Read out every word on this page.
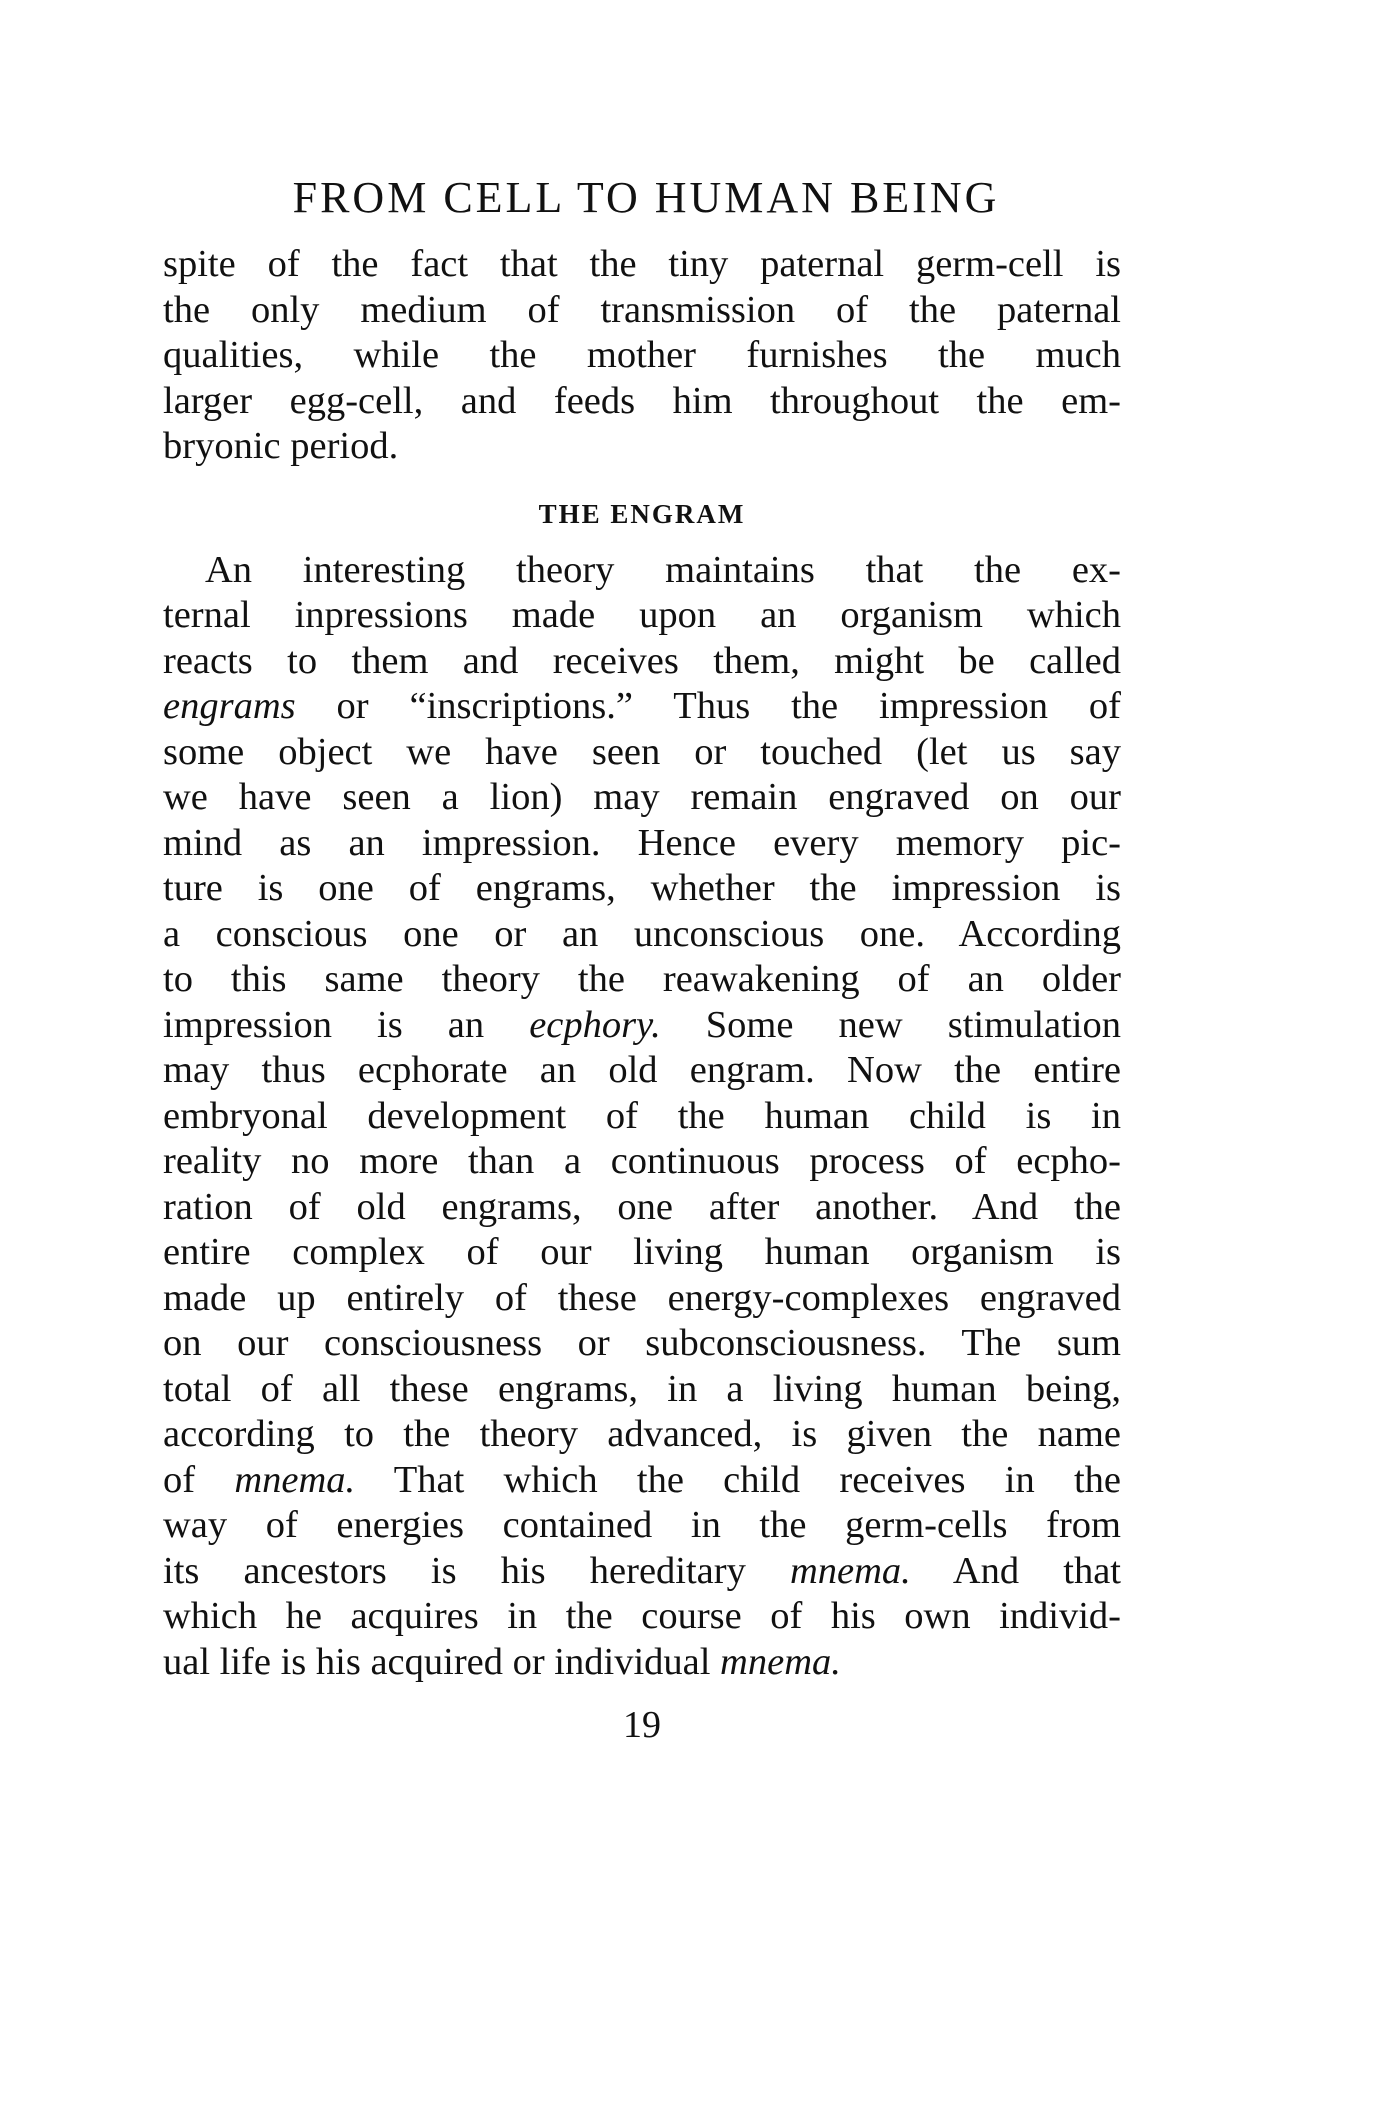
FROM CELL TO HUMAN BEING

spite of the fact that the tiny paternal germ-cell is
the only medium of transmission of the paternal
qualities, while the mother furnishes the much
larger egg-cell, and feeds him throughout the em-
bryonic period.

THE ENGRAM

An interesting theory maintains that the ex-
ternal inpressions made upon an organism which
reacts to them and receives them, might be called
engrams or “inscriptions.” Thus the impression of
some object we have seen or touched (let us say
we have seen a lion) may remain engraved on our
mind as an impression. Hence every memory pic-
ture is one of engrams, whether the impression is
a conscious one or an unconscious one. According
to this same theory the reawakening of an older
impression is an ecphory. Some new stimulation
may thus ecphorate an old engram. Now the entire
embryonal development of the human child is in
reality no more than a continuous process of ecpho-
ration of old engrams, one after another. And the
entire complex of our living human organism is
made up entirely of these energy-complexes engraved
on our consciousness or subconsciousness. The sum
total of all these engrams, in a living human being,
according to the theory advanced, is given the name
of mnema. That which the child receives in the
way of energies contained in the germ-cells from
its ancestors is his hereditary mnema. And that
which he acquires in the course of his own individ-
ual life is his acquired or individual mnema.

19
